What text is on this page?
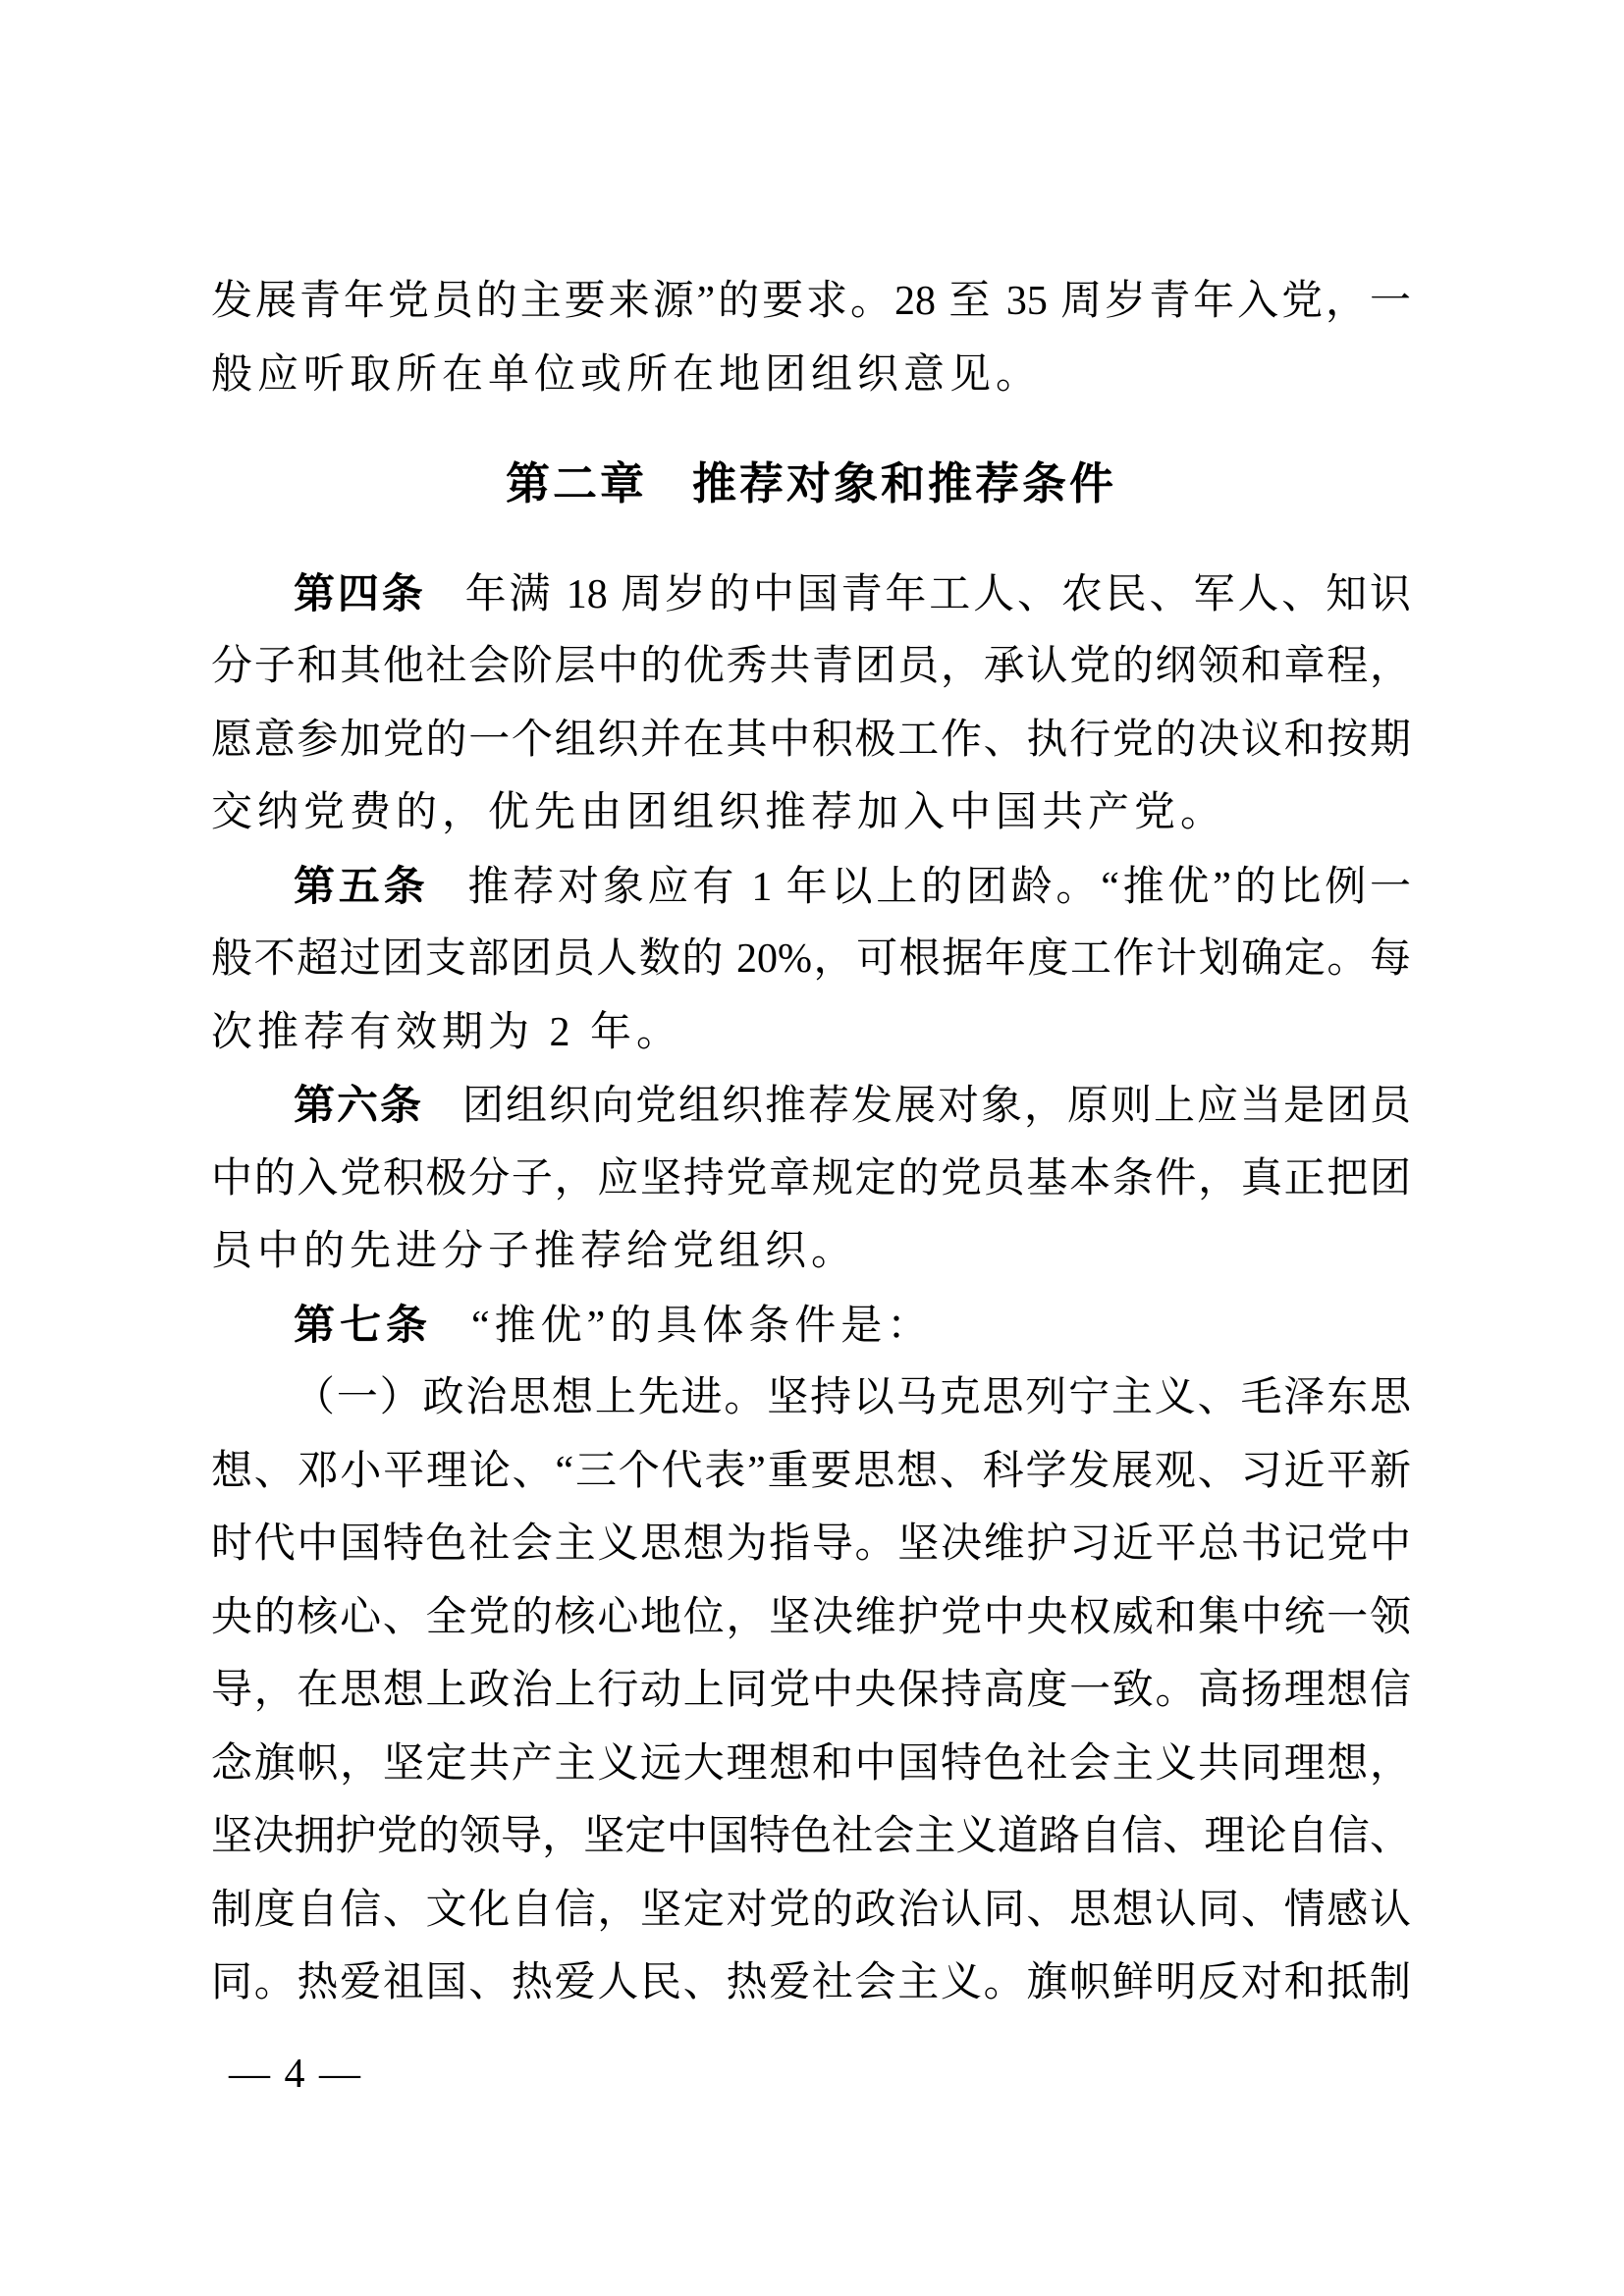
发展青年党员的主要来源”的要求。28 至 35 周岁青年入党，一
般应听取所在单位或所在地团组织意见。
第二章 推荐对象和推荐条件
第四条 年满 18 周岁的中国青年工人、农民、军人、知识
分子和其他社会阶层中的优秀共青团员，承认党的纲领和章程，
愿意参加党的一个组织并在其中积极工作、执行党的决议和按期
交纳党费的，优先由团组织推荐加入中国共产党。
第五条 推荐对象应有 1 年以上的团龄。“推优”的比例一
般不超过团支部团员人数的 20%，可根据年度工作计划确定。每
次推荐有效期为 2 年。
第六条 团组织向党组织推荐发展对象，原则上应当是团员
中的入党积极分子，应坚持党章规定的党员基本条件，真正把团
员中的先进分子推荐给党组织。
第七条 “推优”的具体条件是：
（一）政治思想上先进。坚持以马克思列宁主义、毛泽东思
想、邓小平理论、“三个代表”重要思想、科学发展观、习近平新
时代中国特色社会主义思想为指导。坚决维护习近平总书记党中
央的核心、全党的核心地位，坚决维护党中央权威和集中统一领
导，在思想上政治上行动上同党中央保持高度一致。高扬理想信
念旗帜，坚定共产主义远大理想和中国特色社会主义共同理想，
坚决拥护党的领导，坚定中国特色社会主义道路自信、理论自信、
制度自信、文化自信，坚定对党的政治认同、思想认同、情感认
同。热爱祖国、热爱人民、热爱社会主义。旗帜鲜明反对和抵制
— 4 —
